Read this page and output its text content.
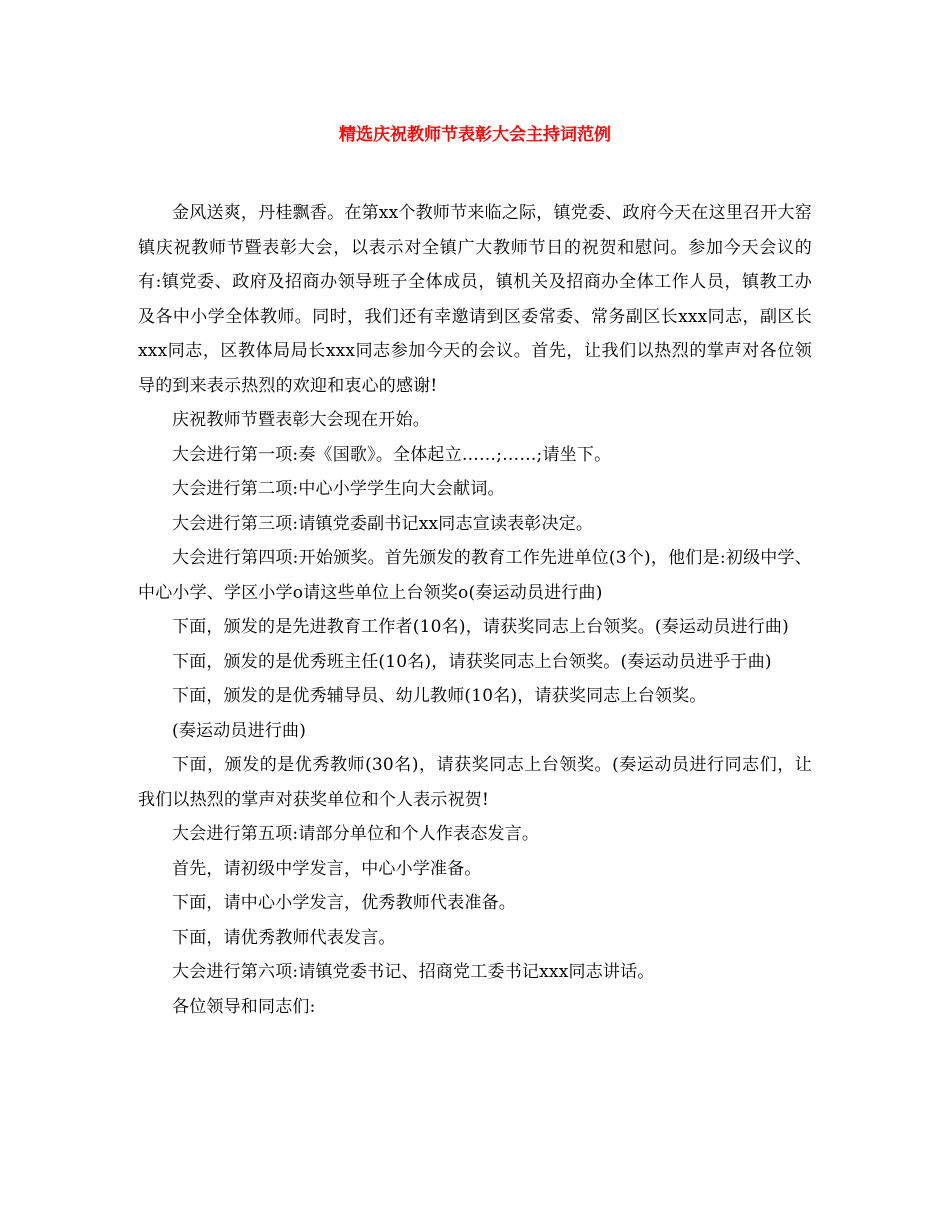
精选庆祝教师节表彰大会主持词范例

金风送爽，丹桂飘香。在第xx个教师节来临之际，镇党委、政府今天在这里召开大窑镇庆祝教师节暨表彰大会，以表示对全镇广大教师节日的祝贺和慰问。参加今天会议的有:镇党委、政府及招商办领导班子全体成员，镇机关及招商办全体工作人员，镇教工办及各中小学全体教师。同时，我们还有幸邀请到区委常委、常务副区长xxx同志，副区长xxx同志，区教体局局长xxx同志参加今天的会议。首先，让我们以热烈的掌声对各位领导的到来表示热烈的欢迎和衷心的感谢!

庆祝教师节暨表彰大会现在开始。

大会进行第一项:奏《国歌》。全体起立……;……;请坐下。

大会进行第二项:中心小学学生向大会献词。

大会进行第三项:请镇党委副书记xx同志宣读表彰决定。

大会进行第四项:开始颁奖。首先颁发的教育工作先进单位(3个)，他们是:初级中学、中心小学、学区小学o请这些单位上台领奖o(奏运动员进行曲)

下面，颁发的是先进教育工作者(10名)，请获奖同志上台领奖。(奏运动员进行曲)

下面，颁发的是优秀班主任(10名)，请获奖同志上台领奖。(奏运动员进乎于曲)

下面，颁发的是优秀辅导员、幼儿教师(10名)，请获奖同志上台领奖。

(奏运动员进行曲)

下面，颁发的是优秀教师(30名)，请获奖同志上台领奖。(奏运动员进行同志们，让我们以热烈的掌声对获奖单位和个人表示祝贺!

大会进行第五项:请部分单位和个人作表态发言。

首先，请初级中学发言，中心小学准备。

下面，请中心小学发言，优秀教师代表准备。

下面，请优秀教师代表发言。

大会进行第六项:请镇党委书记、招商党工委书记xxx同志讲话。

各位领导和同志们:
